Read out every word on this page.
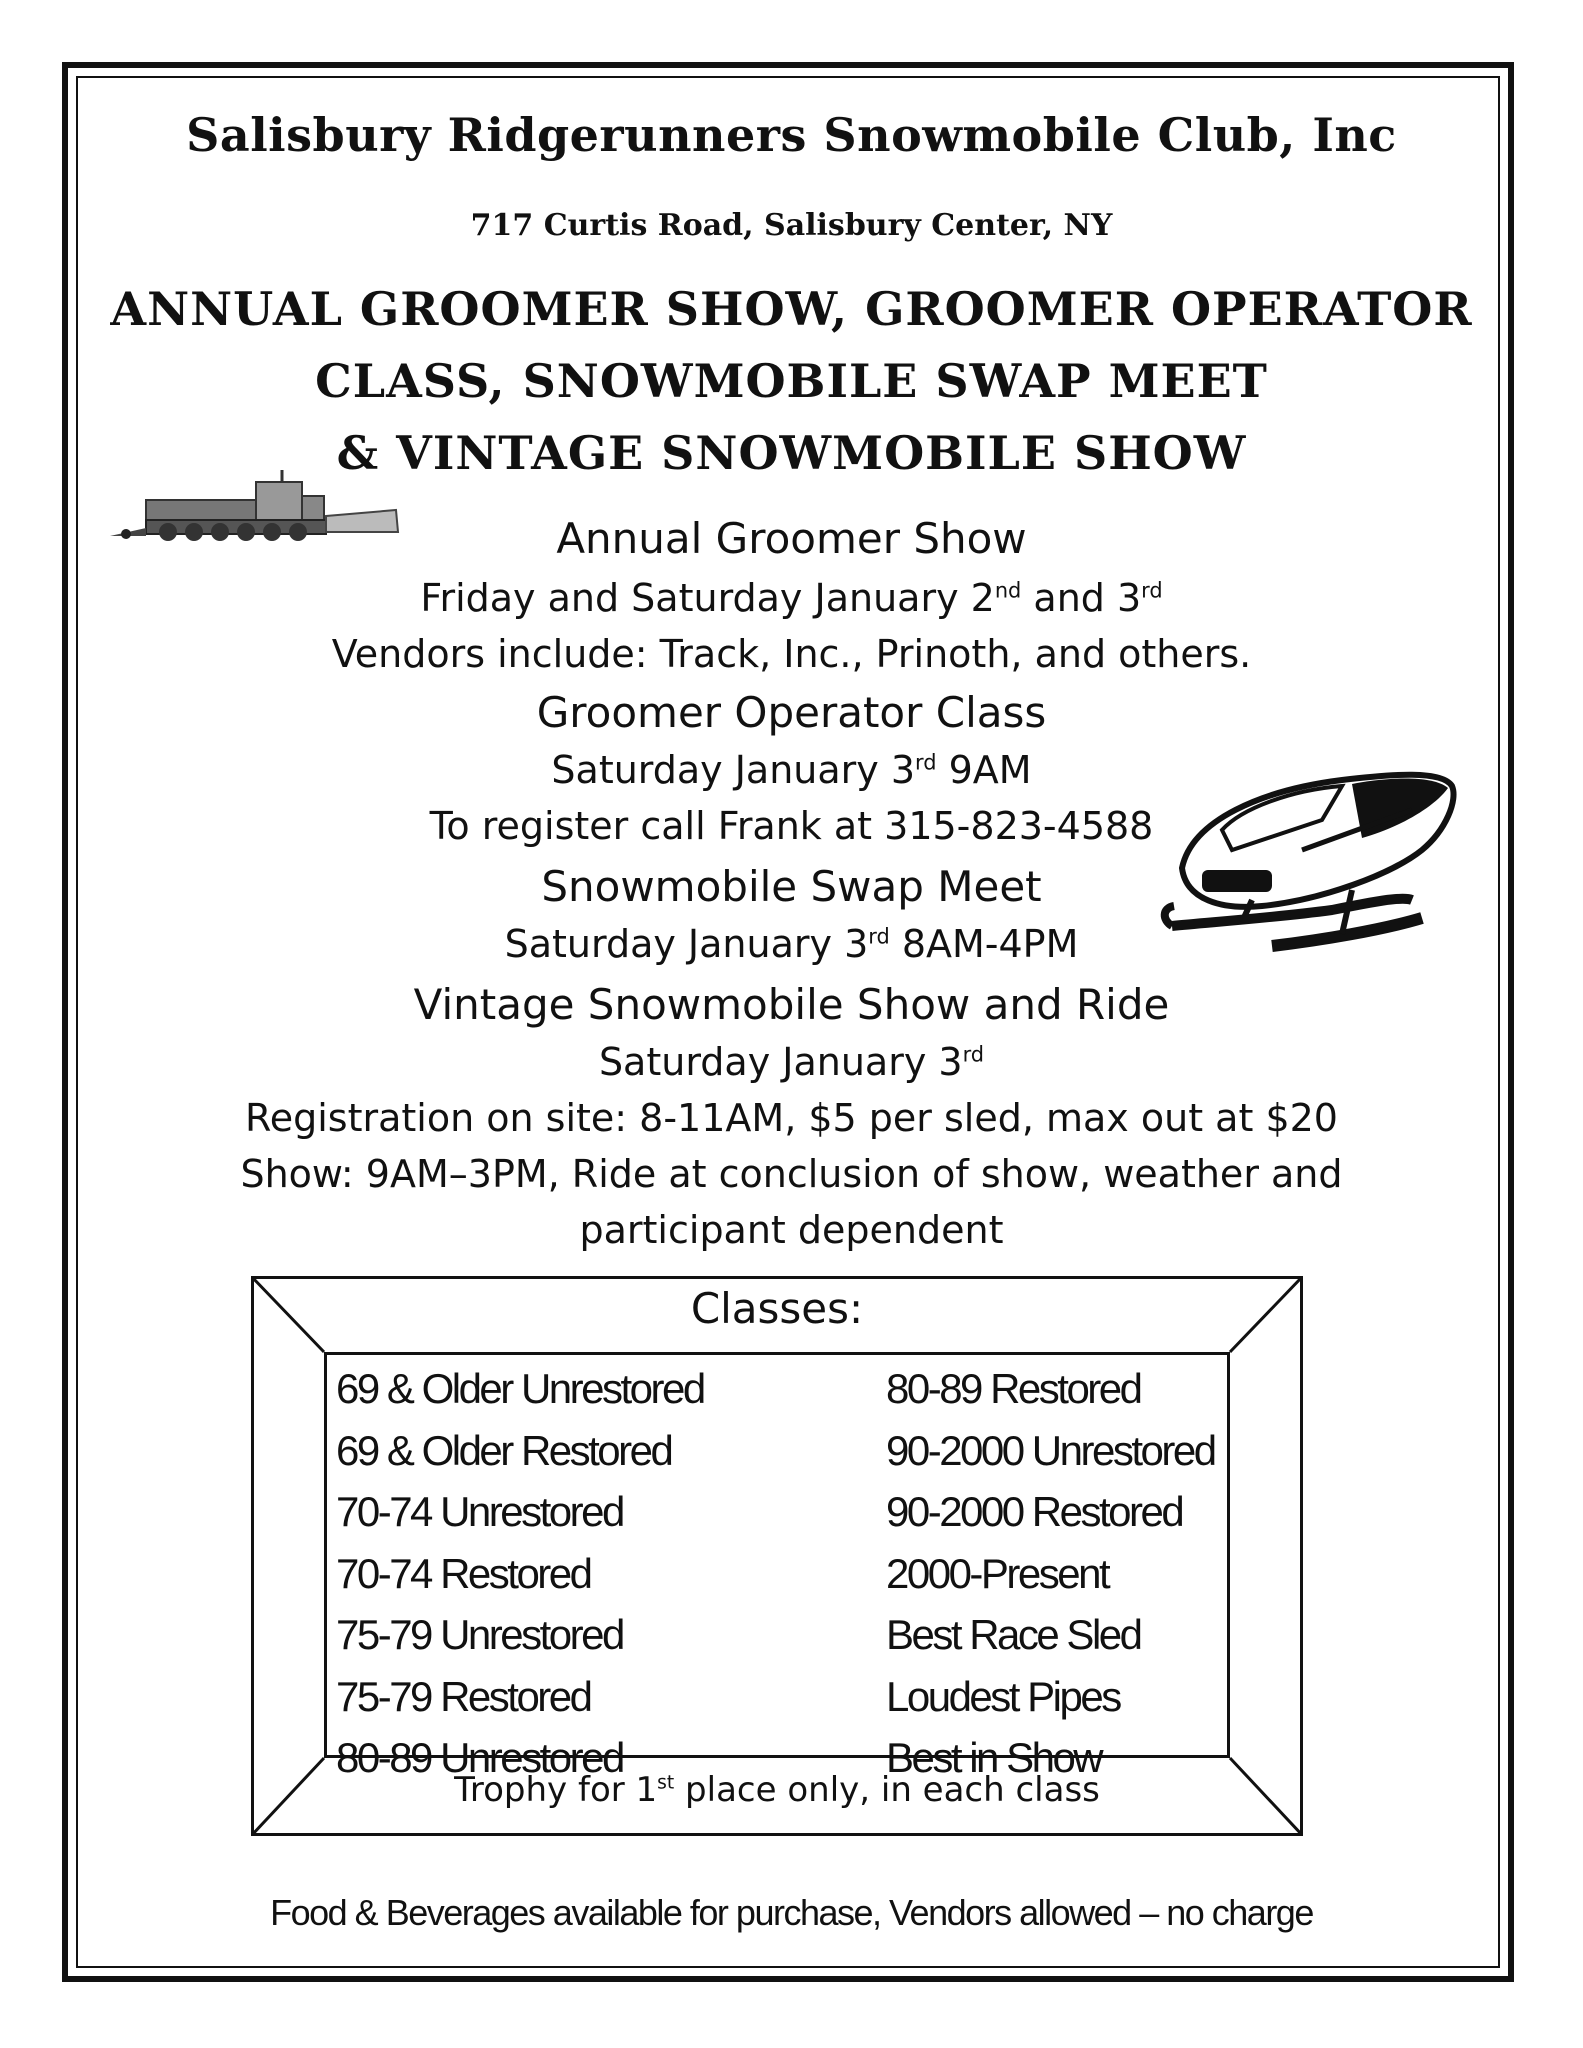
Salisbury Ridgerunners Snowmobile Club, Inc
717 Curtis Road, Salisbury Center, NY
ANNUAL GROOMER SHOW, GROOMER OPERATOR
CLASS, SNOWMOBILE SWAP MEET
& VINTAGE SNOWMOBILE SHOW
Annual Groomer Show
Friday and Saturday January 2nd and 3rd
Vendors include: Track, Inc., Prinoth, and others.
Groomer Operator Class
Saturday January 3rd 9AM
To register call Frank at 315-823-4588
Snowmobile Swap Meet
Saturday January 3rd 8AM-4PM
Vintage Snowmobile Show and Ride
Saturday January 3rd
Registration on site: 8-11AM, $5 per sled, max out at $20
Show: 9AM–3PM, Ride at conclusion of show, weather and
participant dependent
Classes:
69 & Older Unrestored
69 & Older Restored
70-74 Unrestored
70-74 Restored
75-79 Unrestored
75-79 Restored
80-89 Unrestored
80-89 Restored
90-2000 Unrestored
90-2000 Restored
2000-Present
Best Race Sled
Loudest Pipes
Best in Show
Trophy for 1st place only, in each class
Food & Beverages available for purchase, Vendors allowed – no charge
